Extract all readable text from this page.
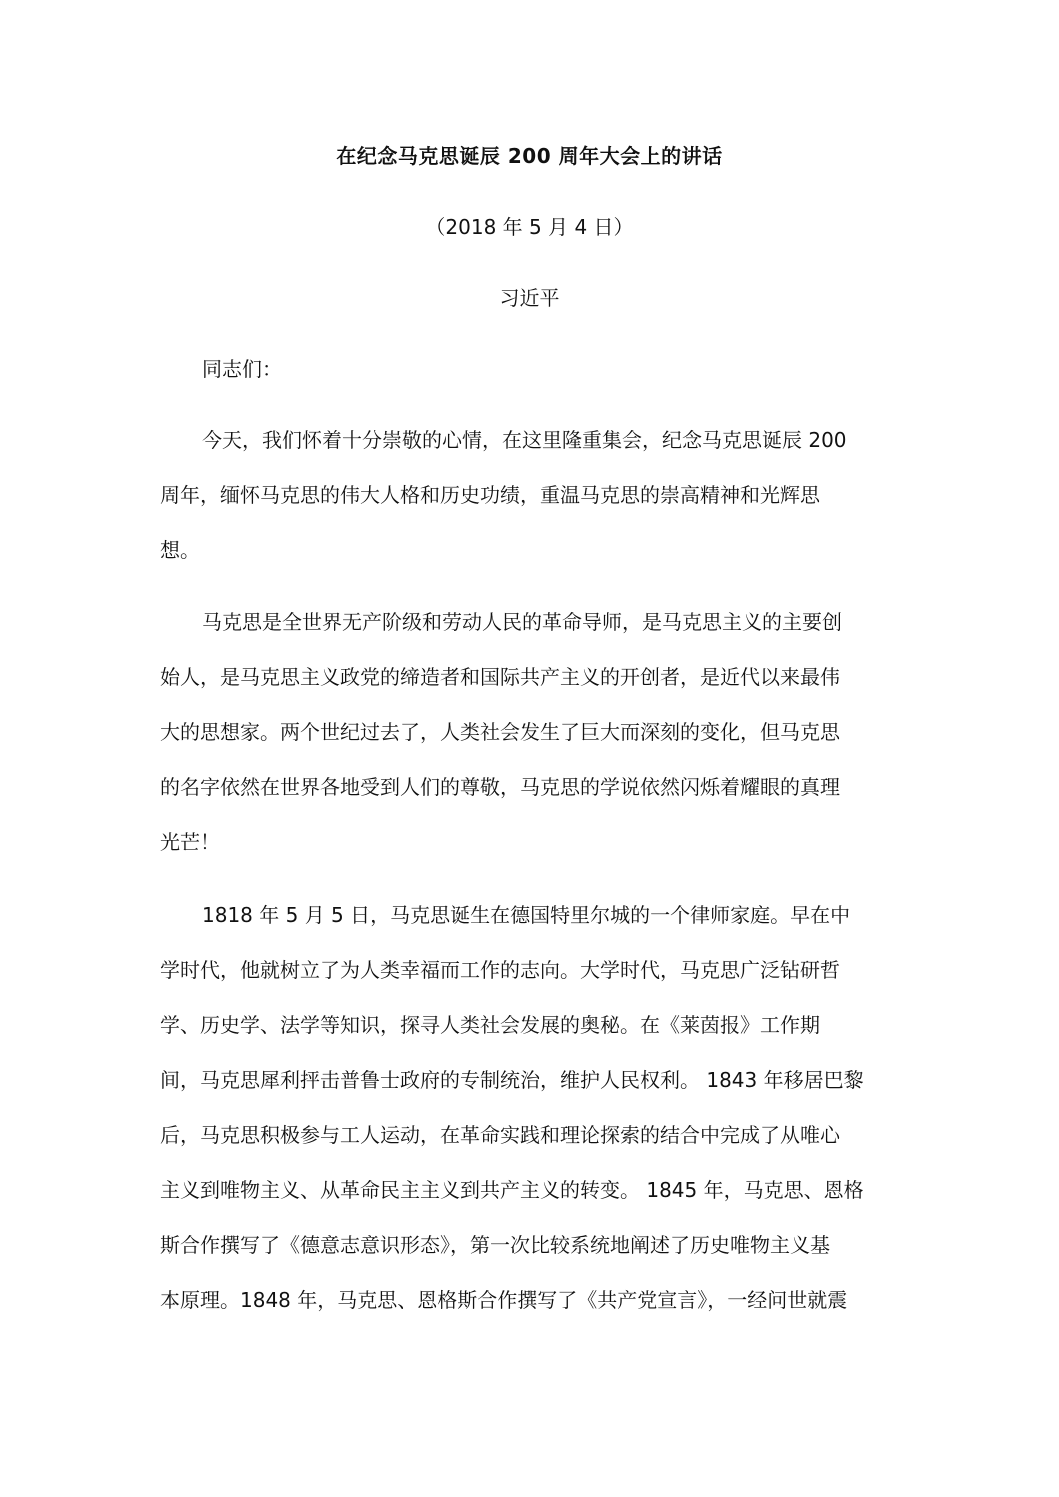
在纪念马克思诞辰 200 周年大会上的讲话

（2018 年 5 月 4 日）

习近平

同志们：

今天，我们怀着十分崇敬的心情，在这里隆重集会，纪念马克思诞辰 200

周年，缅怀马克思的伟大人格和历史功绩，重温马克思的崇高精神和光辉思

想。

马克思是全世界无产阶级和劳动人民的革命导师，是马克思主义的主要创

始人，是马克思主义政党的缔造者和国际共产主义的开创者，是近代以来最伟

大的思想家。两个世纪过去了，人类社会发生了巨大而深刻的变化，但马克思

的名字依然在世界各地受到人们的尊敬，马克思的学说依然闪烁着耀眼的真理

光芒！

1818 年 5 月 5 日，马克思诞生在德国特里尔城的一个律师家庭。早在中

学时代，他就树立了为人类幸福而工作的志向。大学时代，马克思广泛钻研哲

学、历史学、法学等知识，探寻人类社会发展的奥秘。在《莱茵报》工作期

间，马克思犀利抨击普鲁士政府的专制统治，维护人民权利。 1843 年移居巴黎

后，马克思积极参与工人运动，在革命实践和理论探索的结合中完成了从唯心

主义到唯物主义、从革命民主主义到共产主义的转变。 1845 年，马克思、恩格

斯合作撰写了《德意志意识形态》，第一次比较系统地阐述了历史唯物主义基

本原理。1848 年，马克思、恩格斯合作撰写了《共产党宣言》，一经问世就震
